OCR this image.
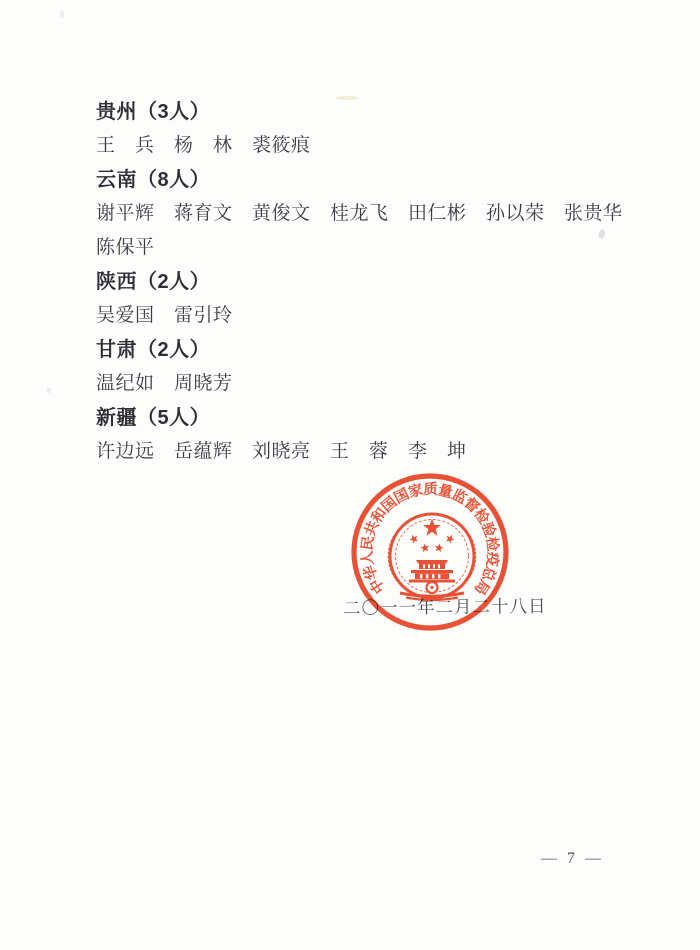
贵州（3人）
王　兵　杨　林　裘筱痕
云南（8人）
谢平辉　蒋育文　黄俊文　桂龙飞　田仁彬　孙以荣　张贵华
陈保平
陕西（2人）
吴爱国　雷引玲
甘肃（2人）
温纪如　周晓芳
新疆（5人）
许边远　岳蕴辉　刘晓亮　王　蓉　李　坤
二〇一一年二月二十八日
中华人民共和国国家质量监督检验检疫总局
— 7 —
